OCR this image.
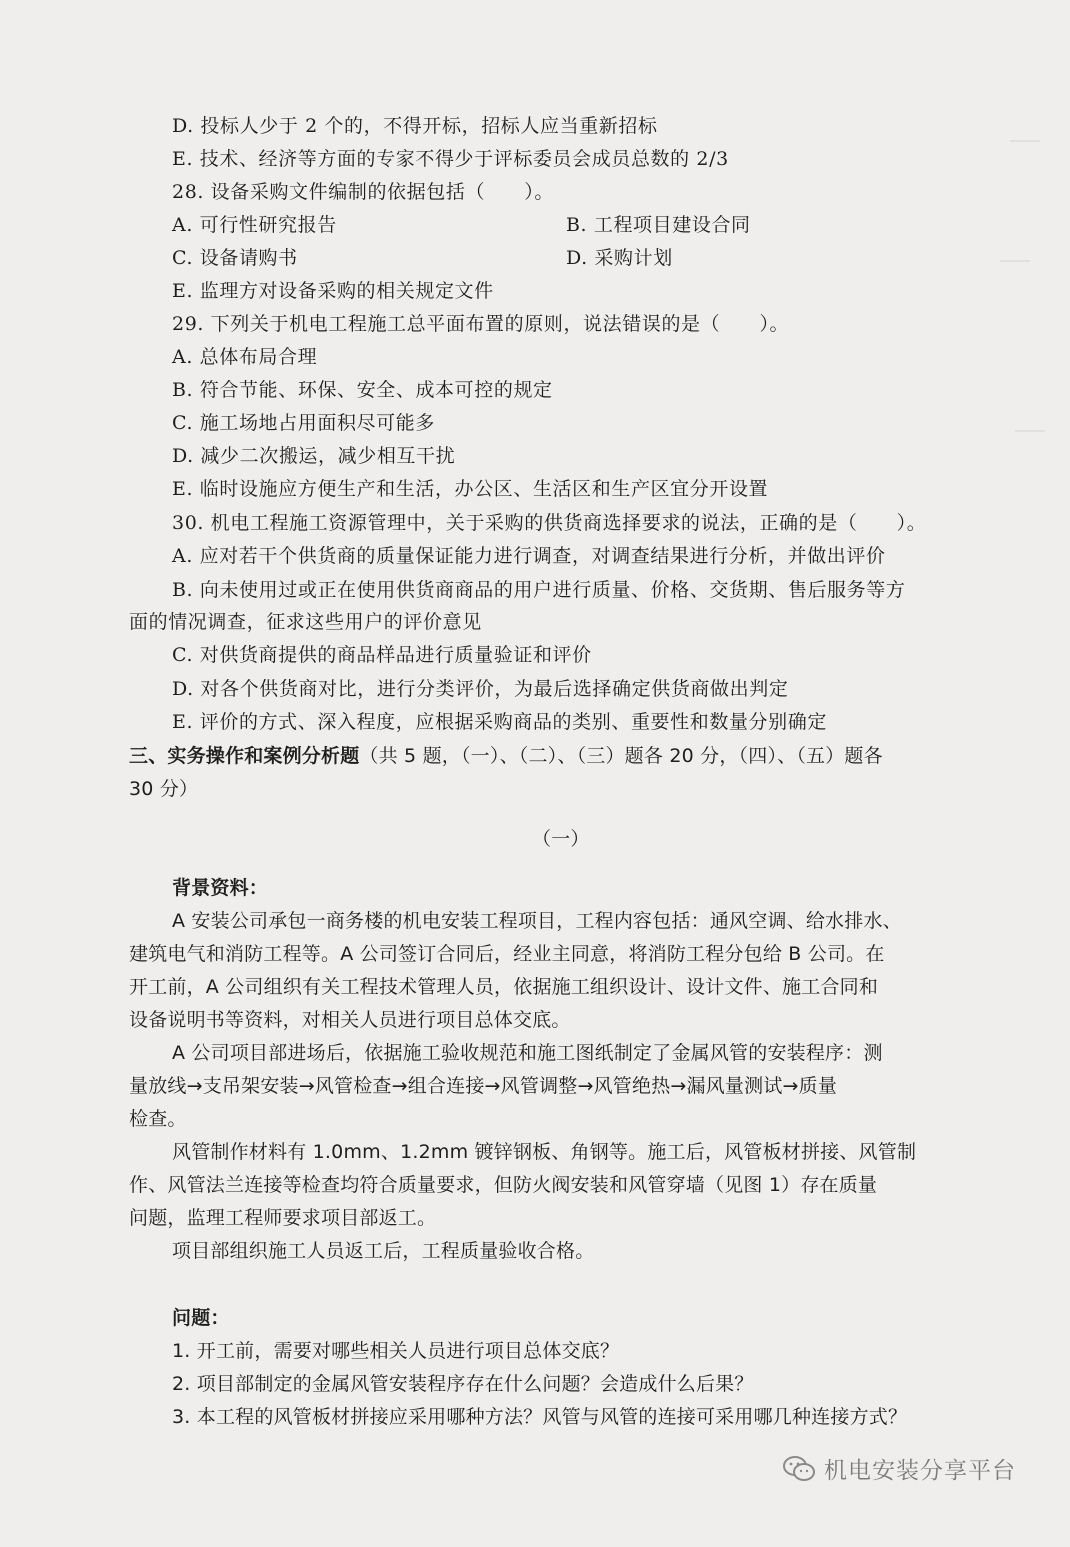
D. 投标人少于 2 个的，不得开标，招标人应当重新招标
E. 技术、经济等方面的专家不得少于评标委员会成员总数的 2/3
28. 设备采购文件编制的依据包括（　　）。
A. 可行性研究报告	B. 工程项目建设合同
C. 设备请购书	D. 采购计划
E. 监理方对设备采购的相关规定文件
29. 下列关于机电工程施工总平面布置的原则，说法错误的是（　　）。
A. 总体布局合理
B. 符合节能、环保、安全、成本可控的规定
C. 施工场地占用面积尽可能多
D. 减少二次搬运，减少相互干扰
E. 临时设施应方便生产和生活，办公区、生活区和生产区宜分开设置
30. 机电工程施工资源管理中，关于采购的供货商选择要求的说法，正确的是（　　）。
A. 应对若干个供货商的质量保证能力进行调查，对调查结果进行分析，并做出评价
B. 向未使用过或正在使用供货商商品的用户进行质量、价格、交货期、售后服务等方
面的情况调查，征求这些用户的评价意见
C. 对供货商提供的商品样品进行质量验证和评价
D. 对各个供货商对比，进行分类评价，为最后选择确定供货商做出判定
E. 评价的方式、深入程度，应根据采购商品的类别、重要性和数量分别确定
三、实务操作和案例分析题（共 5 题，（一）、（二）、（三）题各 20 分，（四）、（五）题各
30 分）
（一）
背景资料：
A 安装公司承包一商务楼的机电安装工程项目，工程内容包括：通风空调、给水排水、
建筑电气和消防工程等。A 公司签订合同后，经业主同意，将消防工程分包给 B 公司。在
开工前，A 公司组织有关工程技术管理人员，依据施工组织设计、设计文件、施工合同和
设备说明书等资料，对相关人员进行项目总体交底。
A 公司项目部进场后，依据施工验收规范和施工图纸制定了金属风管的安装程序：测
量放线→支吊架安装→风管检查→组合连接→风管调整→风管绝热→漏风量测试→质量
检查。
风管制作材料有 1.0mm、1.2mm 镀锌钢板、角钢等。施工后，风管板材拼接、风管制
作、风管法兰连接等检查均符合质量要求，但防火阀安装和风管穿墙（见图 1）存在质量
问题，监理工程师要求项目部返工。
项目部组织施工人员返工后，工程质量验收合格。
问题：
1. 开工前，需要对哪些相关人员进行项目总体交底？
2. 项目部制定的金属风管安装程序存在什么问题？会造成什么后果？
3. 本工程的风管板材拼接应采用哪种方法？风管与风管的连接可采用哪几种连接方式？
机电安装分享平台
